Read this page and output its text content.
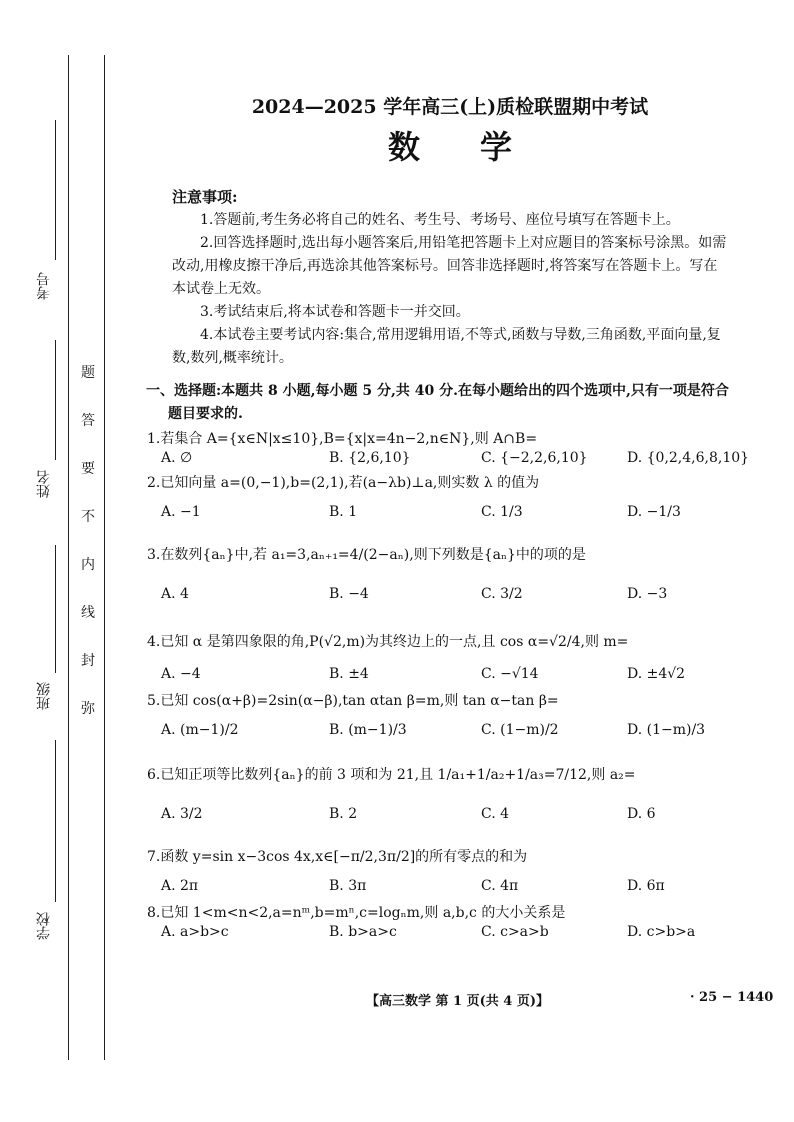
考号
姓名
班级
学校
题
答
要
不
内
线
封
弥
2024—2025 学年高三(上)质检联盟期中考试
数学
注意事项:

1.答题前,考生务必将自己的姓名、考生号、考场号、座位号填写在答题卡上。

2.回答选择题时,选出每小题答案后,用铅笔把答题卡上对应题目的答案标号涂黑。如需改动,用橡皮擦干净后,再选涂其他答案标号。回答非选择题时,将答案写在答题卡上。写在本试卷上无效。

3.考试结束后,将本试卷和答题卡一并交回。

4.本试卷主要考试内容:集合,常用逻辑用语,不等式,函数与导数,三角函数,平面向量,复数,数列,概率统计。

一、选择题:本题共 8 小题,每小题 5 分,共 40 分.在每小题给出的四个选项中,只有一项是符合
题目要求的.
1.若集合 A={x∈N|x≤10},B={x|x=4n−2,n∈N},则 A∩B=
A. ∅	B. {2,6,10}	C. {−2,2,6,10}	D. {0,2,4,6,8,10}
2.已知向量 a=(0,−1),b=(2,1),若(a−λb)⊥a,则实数 λ 的值为
A. −1	B. 1	C. 1/3	D. −1/3
3.在数列{aₙ}中,若 a₁=3,aₙ₊₁=4/(2−aₙ),则下列数是{aₙ}中的项的是
A. 4	B. −4	C. 3/2	D. −3
4.已知 α 是第四象限的角,P(√2,m)为其终边上的一点,且 cos α=√2/4,则 m=
A. −4	B. ±4	C. −√14	D. ±4√2
5.已知 cos(α+β)=2sin(α−β),tan αtan β=m,则 tan α−tan β=
A. (m−1)/2	B. (m−1)/3	C. (1−m)/2	D. (1−m)/3
6.已知正项等比数列{aₙ}的前 3 项和为 21,且 1/a₁+1/a₂+1/a₃=7/12,则 a₂=
A. 3/2	B. 2	C. 4	D. 6
7.函数 y=sin x−3cos 4x,x∈[−π/2,3π/2]的所有零点的和为
A. 2π	B. 3π	C. 4π	D. 6π
8.已知 1<m<n<2,a=nᵐ,b=mⁿ,c=logₙm,则 a,b,c 的大小关系是
A. a>b>c	B. b>a>c	C. c>a>b	D. c>b>a
【高三数学 第 1 页(共 4 页)】	· 25 − 1440
